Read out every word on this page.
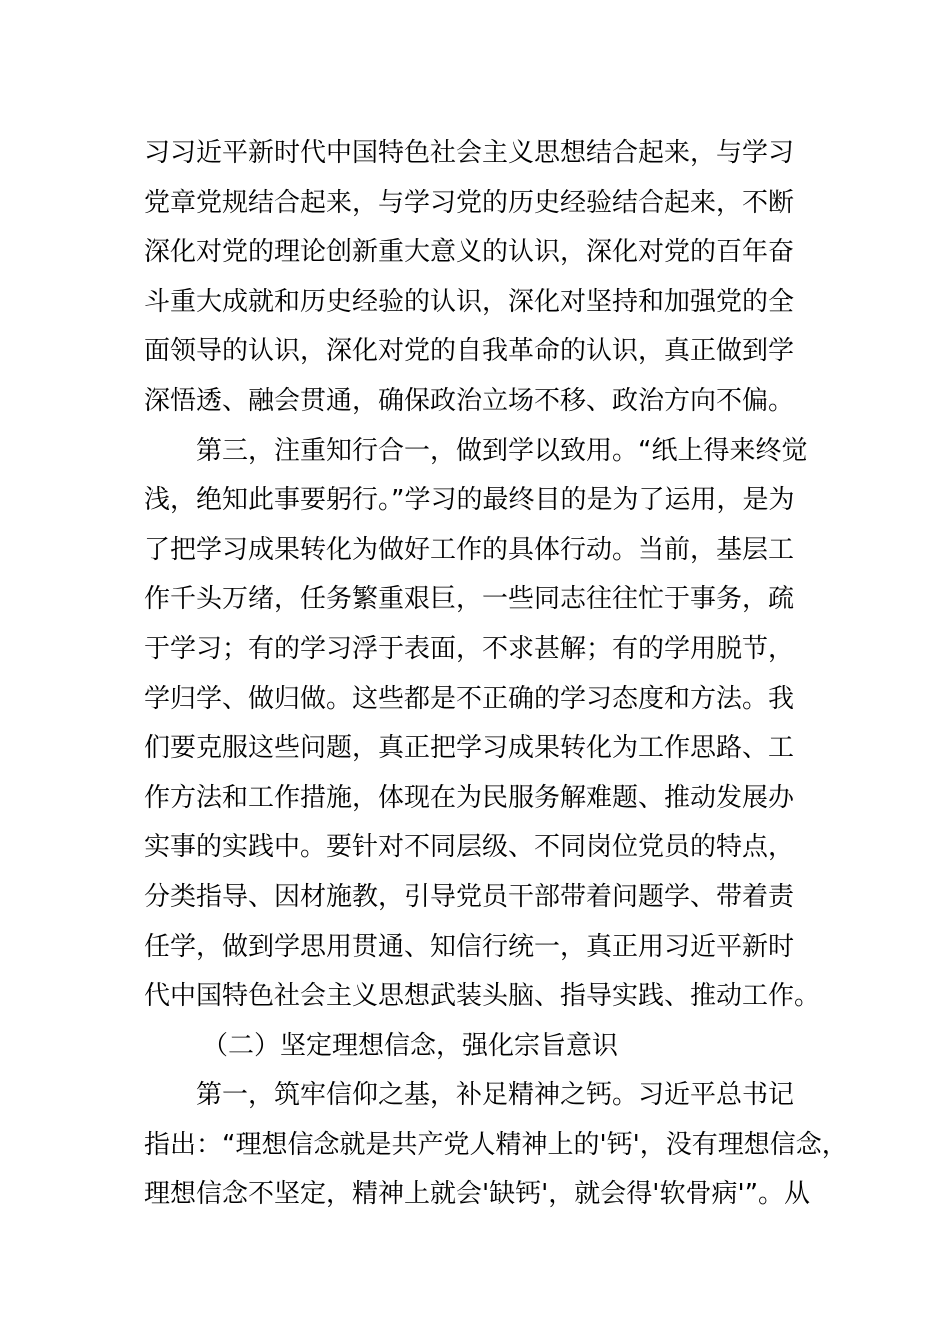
习习近平新时代中国特色社会主义思想结合起来，与学习
党章党规结合起来，与学习党的历史经验结合起来，不断
深化对党的理论创新重大意义的认识，深化对党的百年奋
斗重大成就和历史经验的认识，深化对坚持和加强党的全
面领导的认识，深化对党的自我革命的认识，真正做到学
深悟透、融会贯通，确保政治立场不移、政治方向不偏。
第三，注重知行合一，做到学以致用。“纸上得来终觉
浅，绝知此事要躬行。”学习的最终目的是为了运用，是为
了把学习成果转化为做好工作的具体行动。当前，基层工
作千头万绪，任务繁重艰巨，一些同志往往忙于事务，疏
于学习；有的学习浮于表面，不求甚解；有的学用脱节，
学归学、做归做。这些都是不正确的学习态度和方法。我
们要克服这些问题，真正把学习成果转化为工作思路、工
作方法和工作措施，体现在为民服务解难题、推动发展办
实事的实践中。要针对不同层级、不同岗位党员的特点，
分类指导、因材施教，引导党员干部带着问题学、带着责
任学，做到学思用贯通、知信行统一，真正用习近平新时
代中国特色社会主义思想武装头脑、指导实践、推动工作。
（二）坚定理想信念，强化宗旨意识
第一，筑牢信仰之基，补足精神之钙。习近平总书记
指出：“理想信念就是共产党人精神上的'钙'，没有理想信念，
理想信念不坚定，精神上就会'缺钙'，就会得'软骨病'”。从
